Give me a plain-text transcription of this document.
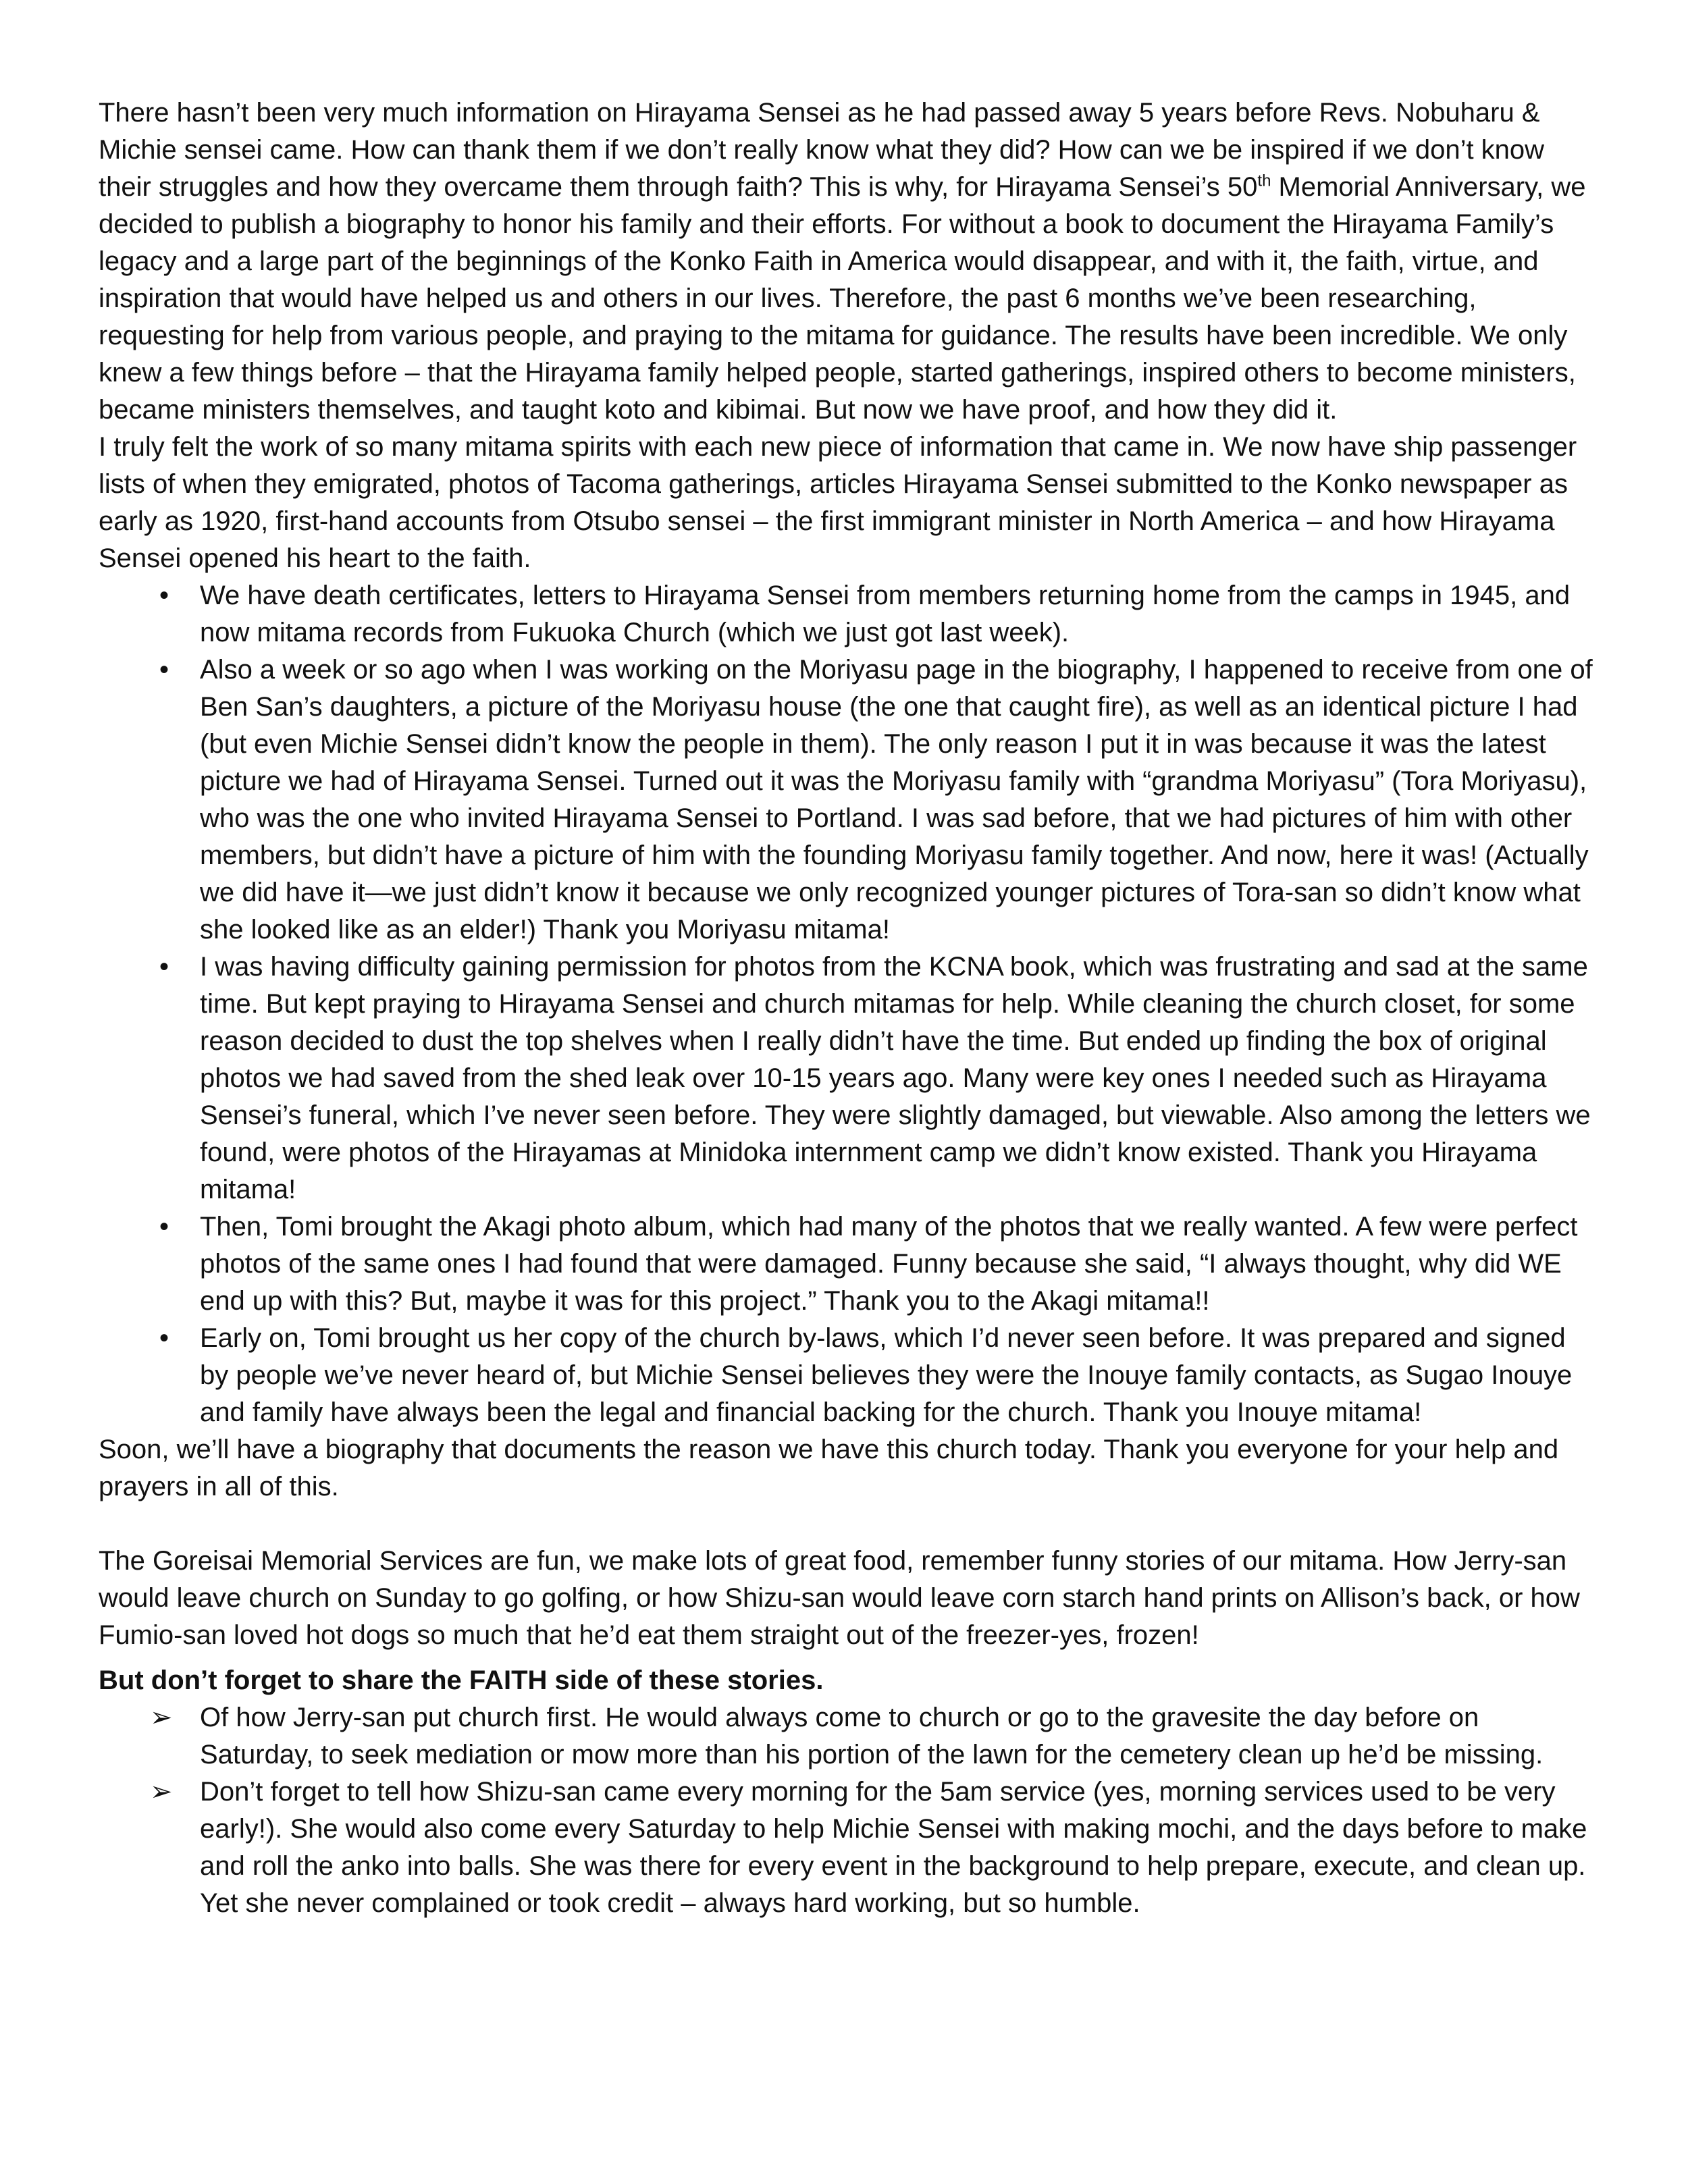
There hasn’t been very much information on Hirayama Sensei as he had passed away 5 years before Revs. Nobuharu & Michie sensei came. How can thank them if we don’t really know what they did? How can we be inspired if we don’t know their struggles and how they overcame them through faith? This is why, for Hirayama Sensei’s 50th Memorial Anniversary, we decided to publish a biography to honor his family and their efforts. For without a book to document the Hirayama Family’s legacy and a large part of the beginnings of the Konko Faith in America would disappear, and with it, the faith, virtue, and inspiration that would have helped us and others in our lives. Therefore, the past 6 months we’ve been researching, requesting for help from various people, and praying to the mitama for guidance. The results have been incredible. We only knew a few things before – that the Hirayama family helped people, started gatherings, inspired others to become ministers, became ministers themselves, and taught koto and kibimai. But now we have proof, and how they did it.

I truly felt the work of so many mitama spirits with each new piece of information that came in. We now have ship passenger lists of when they emigrated, photos of Tacoma gatherings, articles Hirayama Sensei submitted to the Konko newspaper as early as 1920, first-hand accounts from Otsubo sensei – the first immigrant minister in North America – and how Hirayama Sensei opened his heart to the faith.

• We have death certificates, letters to Hirayama Sensei from members returning home from the camps in 1945, and now mitama records from Fukuoka Church (which we just got last week).
• Also a week or so ago when I was working on the Moriyasu page in the biography, I happened to receive from one of Ben San’s daughters, a picture of the Moriyasu house (the one that caught fire), as well as an identical picture I had (but even Michie Sensei didn’t know the people in them). The only reason I put it in was because it was the latest picture we had of Hirayama Sensei. Turned out it was the Moriyasu family with “grandma Moriyasu” (Tora Moriyasu), who was the one who invited Hirayama Sensei to Portland. I was sad before, that we had pictures of him with other members, but didn’t have a picture of him with the founding Moriyasu family together. And now, here it was! (Actually we did have it—we just didn’t know it because we only recognized younger pictures of Tora-san so didn’t know what she looked like as an elder!) Thank you Moriyasu mitama!
• I was having difficulty gaining permission for photos from the KCNA book, which was frustrating and sad at the same time. But kept praying to Hirayama Sensei and church mitamas for help. While cleaning the church closet, for some reason decided to dust the top shelves when I really didn’t have the time. But ended up finding the box of original photos we had saved from the shed leak over 10-15 years ago. Many were key ones I needed such as Hirayama Sensei’s funeral, which I’ve never seen before. They were slightly damaged, but viewable. Also among the letters we found, were photos of the Hirayamas at Minidoka internment camp we didn’t know existed. Thank you Hirayama mitama!
• Then, Tomi brought the Akagi photo album, which had many of the photos that we really wanted. A few were perfect photos of the same ones I had found that were damaged. Funny because she said, “I always thought, why did WE end up with this? But, maybe it was for this project.” Thank you to the Akagi mitama!!
• Early on, Tomi brought us her copy of the church by-laws, which I’d never seen before. It was prepared and signed by people we’ve never heard of, but Michie Sensei believes they were the Inouye family contacts, as Sugao Inouye and family have always been the legal and financial backing for the church. Thank you Inouye mitama!

Soon, we’ll have a biography that documents the reason we have this church today. Thank you everyone for your help and prayers in all of this.

The Goreisai Memorial Services are fun, we make lots of great food, remember funny stories of our mitama. How Jerry-san would leave church on Sunday to go golfing, or how Shizu-san would leave corn starch hand prints on Allison’s back, or how Fumio-san loved hot dogs so much that he’d eat them straight out of the freezer-yes, frozen!

But don’t forget to share the FAITH side of these stories.

➢ Of how Jerry-san put church first. He would always come to church or go to the gravesite the day before on Saturday, to seek mediation or mow more than his portion of the lawn for the cemetery clean up he’d be missing.
➢ Don’t forget to tell how Shizu-san came every morning for the 5am service (yes, morning services used to be very early!). She would also come every Saturday to help Michie Sensei with making mochi, and the days before to make and roll the anko into balls. She was there for every event in the background to help prepare, execute, and clean up. Yet she never complained or took credit – always hard working, but so humble.
